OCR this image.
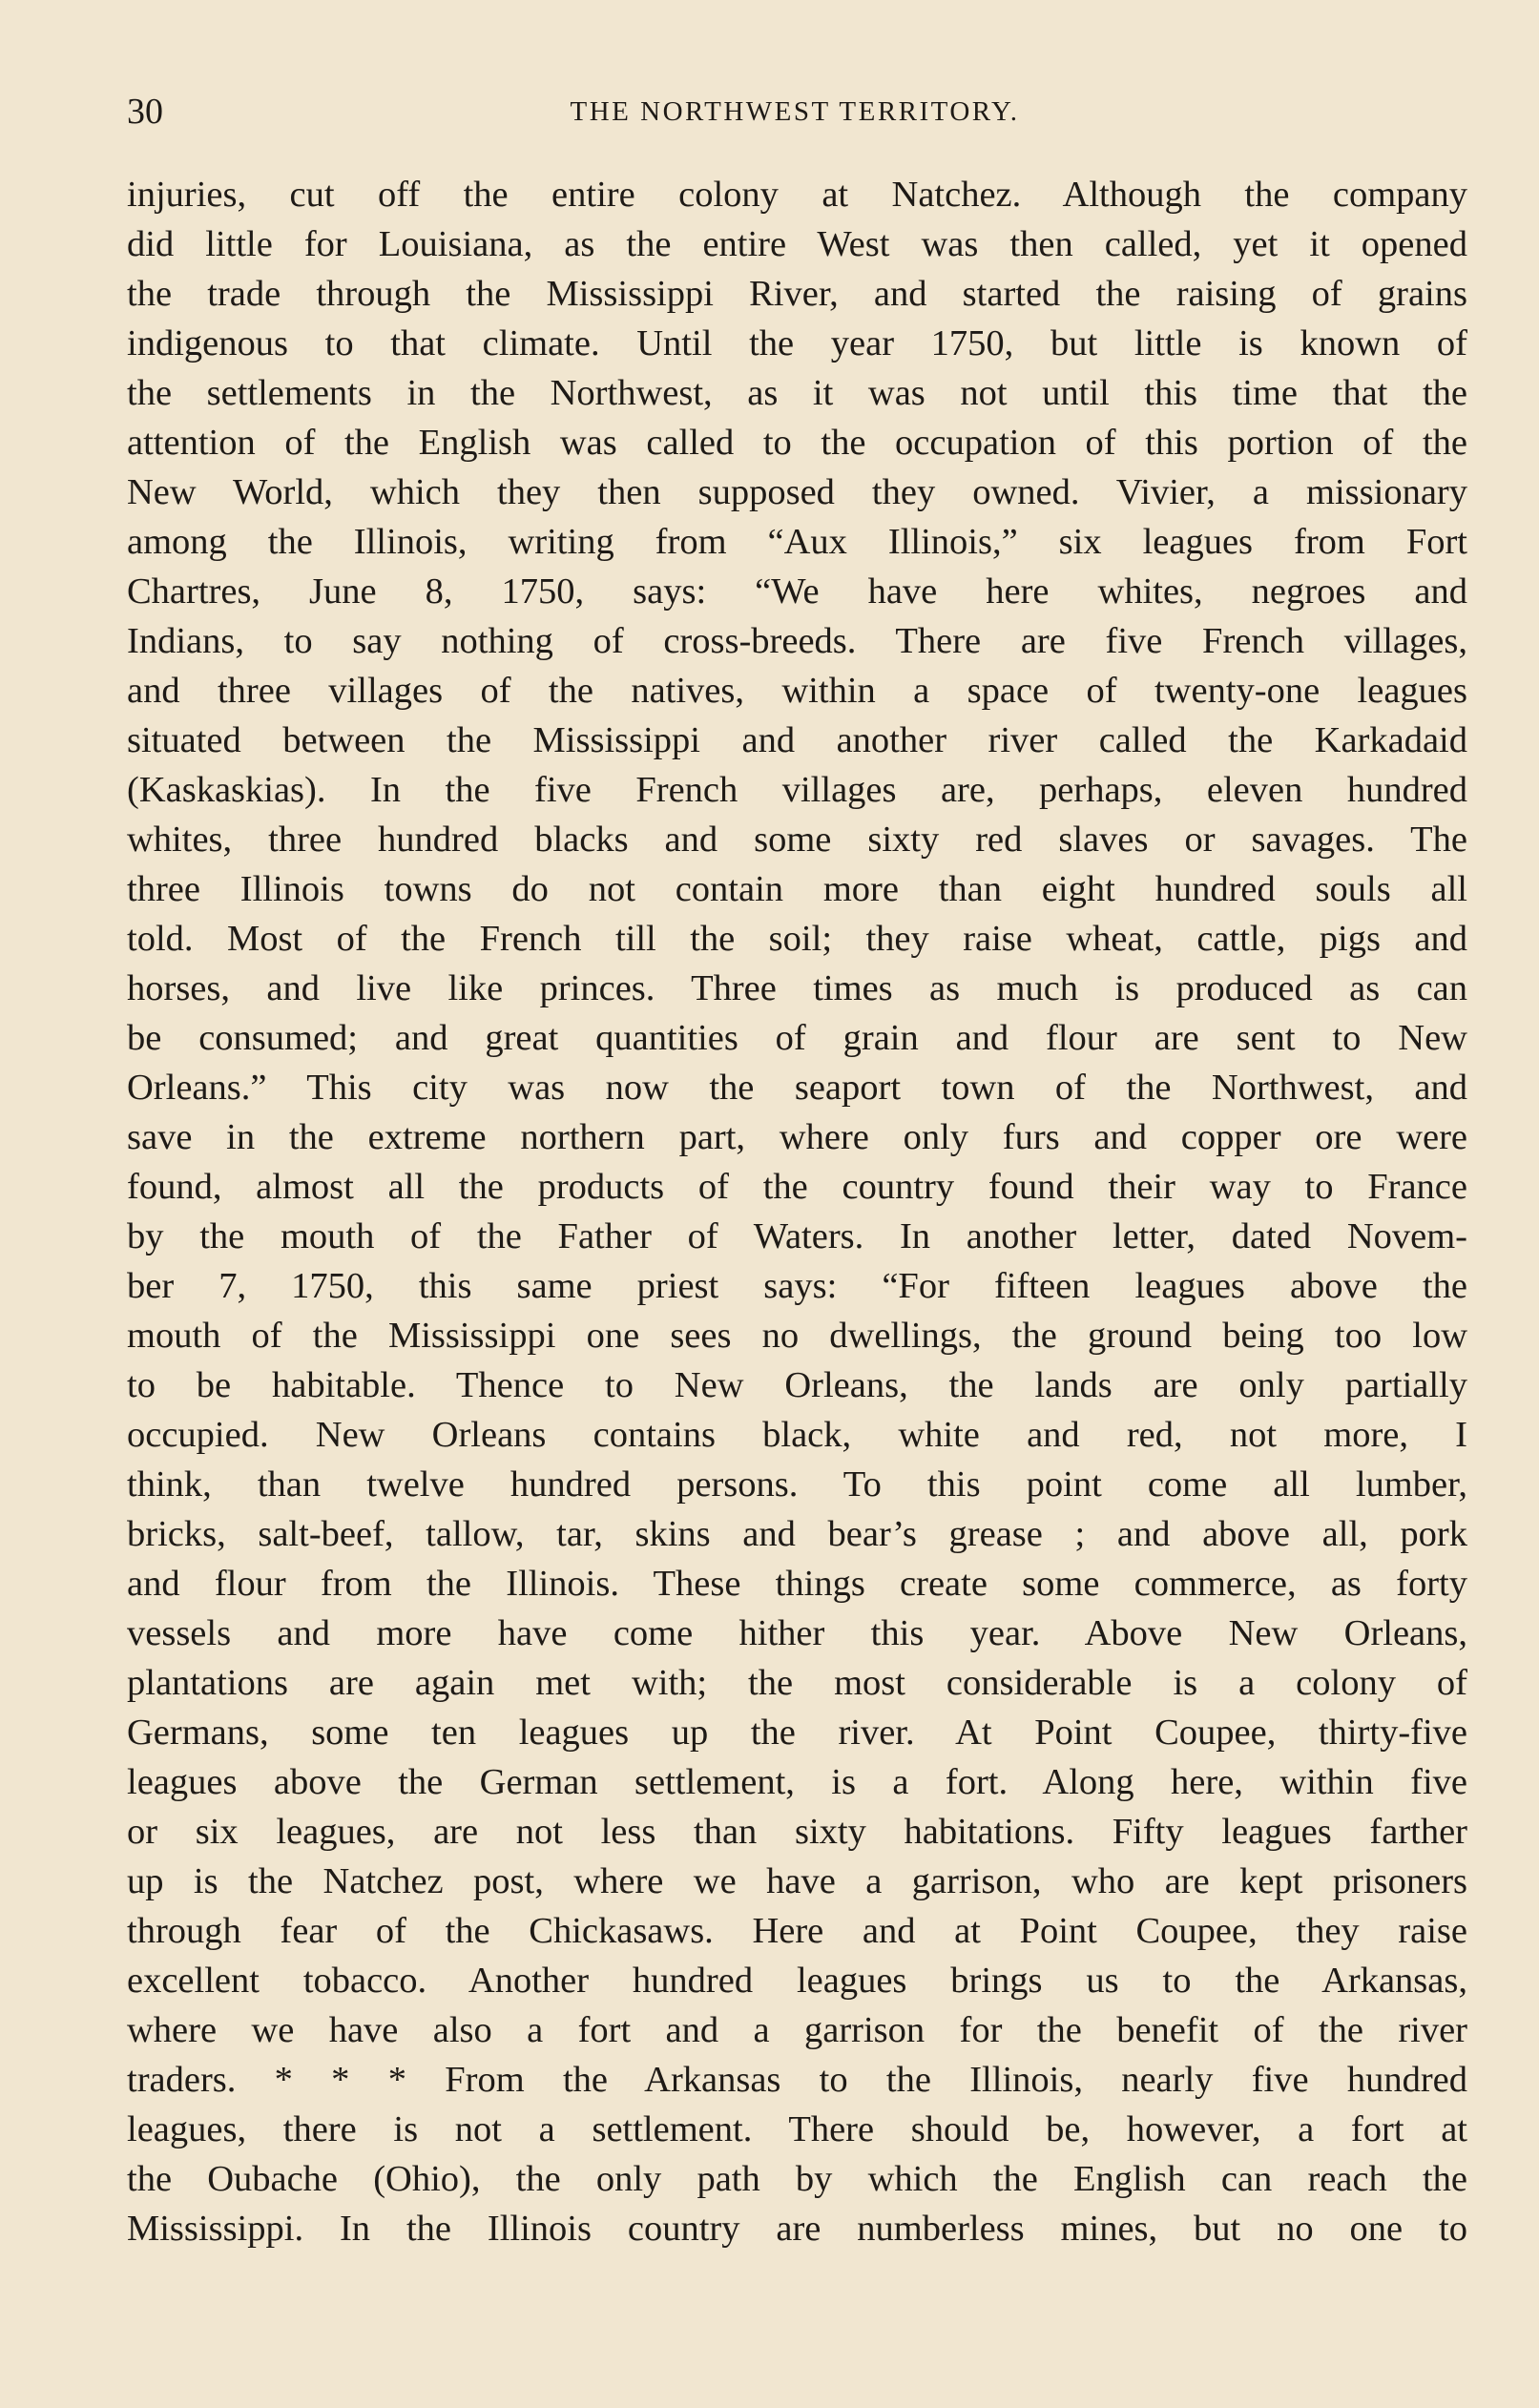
30	THE NORTHWEST TERRITORY.
injuries, cut off the entire colony at Natchez. Although the company
did little for Louisiana, as the entire West was then called, yet it opened
the trade through the Mississippi River, and started the raising of grains
indigenous to that climate. Until the year 1750, but little is known of
the settlements in the Northwest, as it was not until this time that the
attention of the English was called to the occupation of this portion of the
New World, which they then supposed they owned. Vivier, a missionary
among the Illinois, writing from “Aux Illinois,” six leagues from Fort
Chartres, June 8, 1750, says: “We have here whites, negroes and
Indians, to say nothing of cross-breeds. There are five French villages,
and three villages of the natives, within a space of twenty-one leagues
situated between the Mississippi and another river called the Karkadaid
(Kaskaskias). In the five French villages are, perhaps, eleven hundred
whites, three hundred blacks and some sixty red slaves or savages. The
three Illinois towns do not contain more than eight hundred souls all
told. Most of the French till the soil; they raise wheat, cattle, pigs and
horses, and live like princes. Three times as much is produced as can
be consumed; and great quantities of grain and flour are sent to New
Orleans.” This city was now the seaport town of the Northwest, and
save in the extreme northern part, where only furs and copper ore were
found, almost all the products of the country found their way to France
by the mouth of the Father of Waters. In another letter, dated Novem-
ber 7, 1750, this same priest says: “For fifteen leagues above the
mouth of the Mississippi one sees no dwellings, the ground being too low
to be habitable. Thence to New Orleans, the lands are only partially
occupied. New Orleans contains black, white and red, not more, I
think, than twelve hundred persons. To this point come all lumber,
bricks, salt-beef, tallow, tar, skins and bear’s grease ; and above all, pork
and flour from the Illinois. These things create some commerce, as forty
vessels and more have come hither this year. Above New Orleans,
plantations are again met with; the most considerable is a colony of
Germans, some ten leagues up the river. At Point Coupee, thirty-five
leagues above the German settlement, is a fort. Along here, within five
or six leagues, are not less than sixty habitations. Fifty leagues farther
up is the Natchez post, where we have a garrison, who are kept prisoners
through fear of the Chickasaws. Here and at Point Coupee, they raise
excellent tobacco. Another hundred leagues brings us to the Arkansas,
where we have also a fort and a garrison for the benefit of the river
traders. * * * From the Arkansas to the Illinois, nearly five hundred
leagues, there is not a settlement. There should be, however, a fort at
the Oubache (Ohio), the only path by which the English can reach the
Mississippi. In the Illinois country are numberless mines, but no one to
